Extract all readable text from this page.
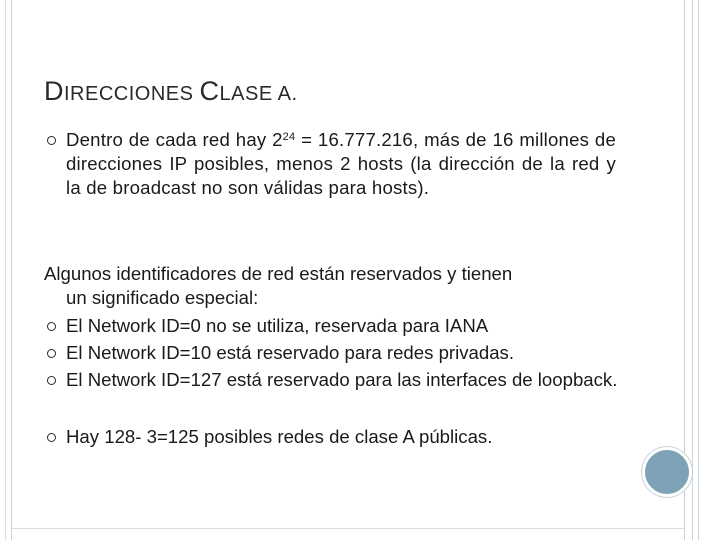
DIRECCIONES CLASE A.
Dentro de cada red hay $2^{24} = 16.777.216$, más de 16 millones de direcciones IP posibles, menos 2 hosts (la dirección de la red y la de broadcast no son válidas para hosts).
Algunos identificadores de red están reservados y tienen
un significado especial:
El Network ID=0 no se utiliza, reservada para IANA
El Network ID=10 está reservado para redes privadas.
El Network ID=127 está reservado para las interfaces de loopback.
Hay 128- 3=125 posibles redes de clase A públicas.
